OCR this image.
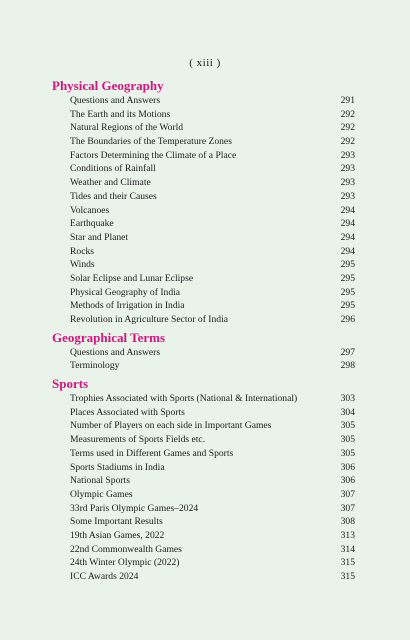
( xiii )
Physical Geography
Questions and Answers	291
The Earth and its Motions	292
Natural Regions of the World	292
The Boundaries of the Temperature Zones	292
Factors Determining the Climate of a Place	293
Conditions of Rainfall	293
Weather and Climate	293
Tides and their Causes	293
Volcanoes	294
Earthquake	294
Star and Planet	294
Rocks	294
Winds	295
Solar Eclipse and Lunar Eclipse	295
Physical Geography of India	295
Methods of Irrigation in India	295
Revolution in Agriculture Sector of India	296
Geographical Terms
Questions and Answers	297
Terminology	298
Sports
Trophies Associated with Sports (National & International)	303
Places Associated with Sports	304
Number of Players on each side in Important Games	305
Measurements of Sports Fields etc.	305
Terms used in Different Games and Sports	305
Sports Stadiums in India	306
National Sports	306
Olympic Games	307
33rd Paris Olympic Games–2024	307
Some Important Results	308
19th Asian Games, 2022	313
22nd Commonwealth Games	314
24th Winter Olympic (2022)	315
ICC Awards 2024	315
